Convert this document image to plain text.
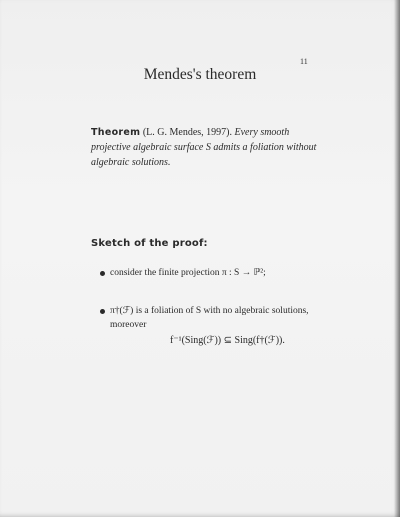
11
Mendes's theorem
Theorem (L. G. Mendes, 1997). Every smooth projective algebraic surface S admits a foliation without algebraic solutions.
Sketch of the proof:
consider the finite projection π : S → ℙ²;
π†(ℱ) is a foliation of S with no algebraic solutions, moreover
f⁻¹(Sing(ℱ)) ⊆ Sing(f†(ℱ)).
